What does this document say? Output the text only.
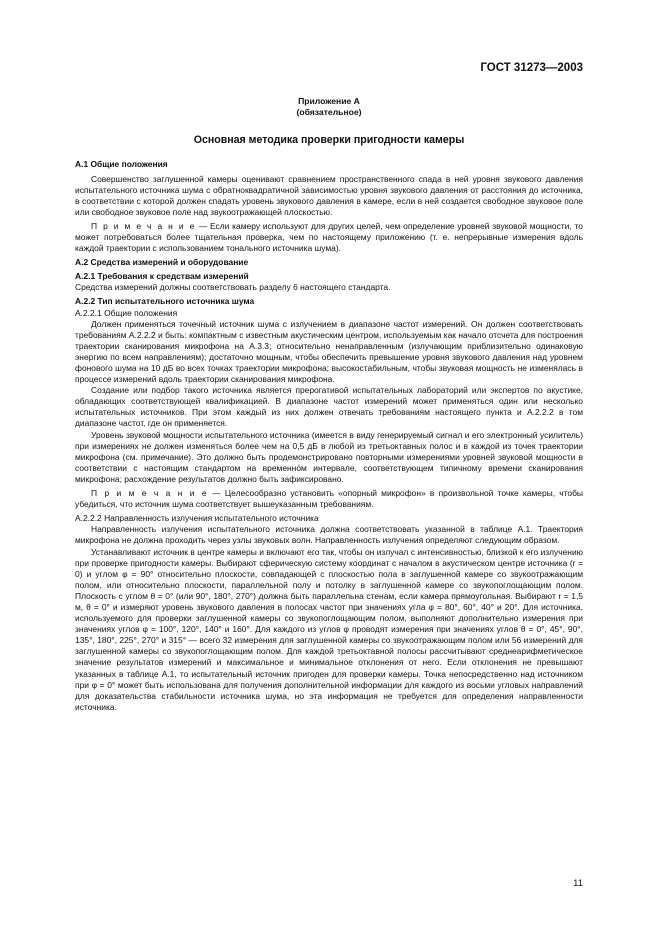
ГОСТ 31273—2003
Приложение А
(обязательное)
Основная методика проверки пригодности камеры
А.1 Общие положения

Совершенство заглушенной камеры оценивают сравнением пространственного спада в ней уровня звукового давления испытательного источника шума с обратноквадратичной зависимостью уровня звукового давления от расстояния до источника, в соответствии с которой должен спадать уровень звукового давления в камере, если в ней создается свободное звуковое поле или свободное звуковое поле над звукоотражающей плоскостью.

П р и м е ч а н и е — Если камеру используют для других целей, чем определение уровней звуковой мощности, то может потребоваться более тщательная проверка, чем по настоящему приложению (т. е. непрерывные измерения вдоль каждой траектории с использованием тонального источника шума).

А.2 Средства измерений и оборудование
А.2.1 Требования к средствам измерений

Средства измерений должны соответствовать разделу 6 настоящего стандарта.

А.2.2 Тип испытательного источника шума
А.2.2.1 Общие положения

Должен применяться точечный источник шума с излучением в диапазоне частот измерений. Он должен соответствовать требованиям А.2.2.2 и быть: компактным с известным акустическим центром, используемым как начало отсчета для построения траектории сканирования микрофона на А.3.3; относительно ненаправленным (излучающим приблизительно одинаковую энергию по всем направлениям); достаточно мощным, чтобы обеспечить превышение уровня звукового давления над уровнем фонового шума на 10 дБ во всех точках траектории микрофона; высокостабильным, чтобы звуковая мощность не изменялась в процессе измерений вдоль траектории сканирования микрофона.

Создание или подбор такого источника является прерогативой испытательных лабораторий или экспертов по акустике, обладающих соответствующей квалификацией. В диапазоне частот измерений может применяться один или несколько испытательных источников. При этом каждый из них должен отвечать требованиям настоящего пункта и А.2.2.2 в том диапазоне частот, где он применяется.

Уровень звуковой мощности испытательного источника (имеется в виду генерируемый сигнал и его электронный усилитель) при измерениях не должен изменяться более чем на 0,5 дБ в любой из третьоктавных полос и в каждой из точек траектории микрофона (см. примечание). Это должно быть продемонстрировано повторными измерениями уровней звуковой мощности в соответствии с настоящим стандартом на временно́м интервале, соответствующем типичному времени сканирования микрофона; расхождение результатов должно быть зафиксировано.

П р и м е ч а н и е — Целесообразно установить «опорный микрофон» в произвольной точке камеры, чтобы убедиться, что источник шума соответствует вышеуказанным требованиям.

А.2.2.2 Направленность излучения испытательного источника

Направленность излучения испытательного источника должна соответствовать указанной в таблице А.1. Траектория микрофона не должна проходить через узлы звуковых волн. Направленность излучения определяют следующим образом.

Устанавливают источник в центре камеры и включают его так, чтобы он излучал с интенсивностью, близкой к его излучению при проверке пригодности камеры. Выбирают сферическую систему координат с началом в акустическом центре источника (r = 0) и углом φ = 90° относительно плоскости, совпадающей с плоскостью пола в заглушенной камере со звукоотражающим полом, или относительно плоскости, параллельной полу и потолку в заглушенной камере со звукопоглощающим полом. Плоскость с углом θ = 0° (или 90°, 180°, 270°) должна быть параллельна стенам, если камера прямоугольная. Выбирают r = 1,5 м, θ = 0° и измеряют уровень звукового давления в полосах частот при значениях угла φ = 80°, 60°, 40° и 20°. Для источника, используемого для проверки заглушенной камеры со звукопоглощающим полом, выполняют дополнительно измерения при значениях углов φ = 100°, 120°, 140° и 160°. Для каждого из углов φ проводят измерения при значениях углов θ = 0°, 45°, 90°, 135°, 180°, 225°, 270° и 315° — всего 32 измерения для заглушенной камеры со звукоотражающим полом или 56 измерений для заглушенной камеры со звукопоглощающим полом. Для каждой третьоктавной полосы рассчитывают среднеарифметическое значение результатов измерений и максимальное и минимальное отклонения от него. Если отклонения не превышают указанных в таблице А.1, то испытательный источник пригоден для проверки камеры. Точка непосредственно над источником при φ = 0° может быть использована для получения дополнительной информации для каждого из восьми угловых направлений для доказательства стабильности источника шума, но эта информация не требуется для определения направленности источника.

11
